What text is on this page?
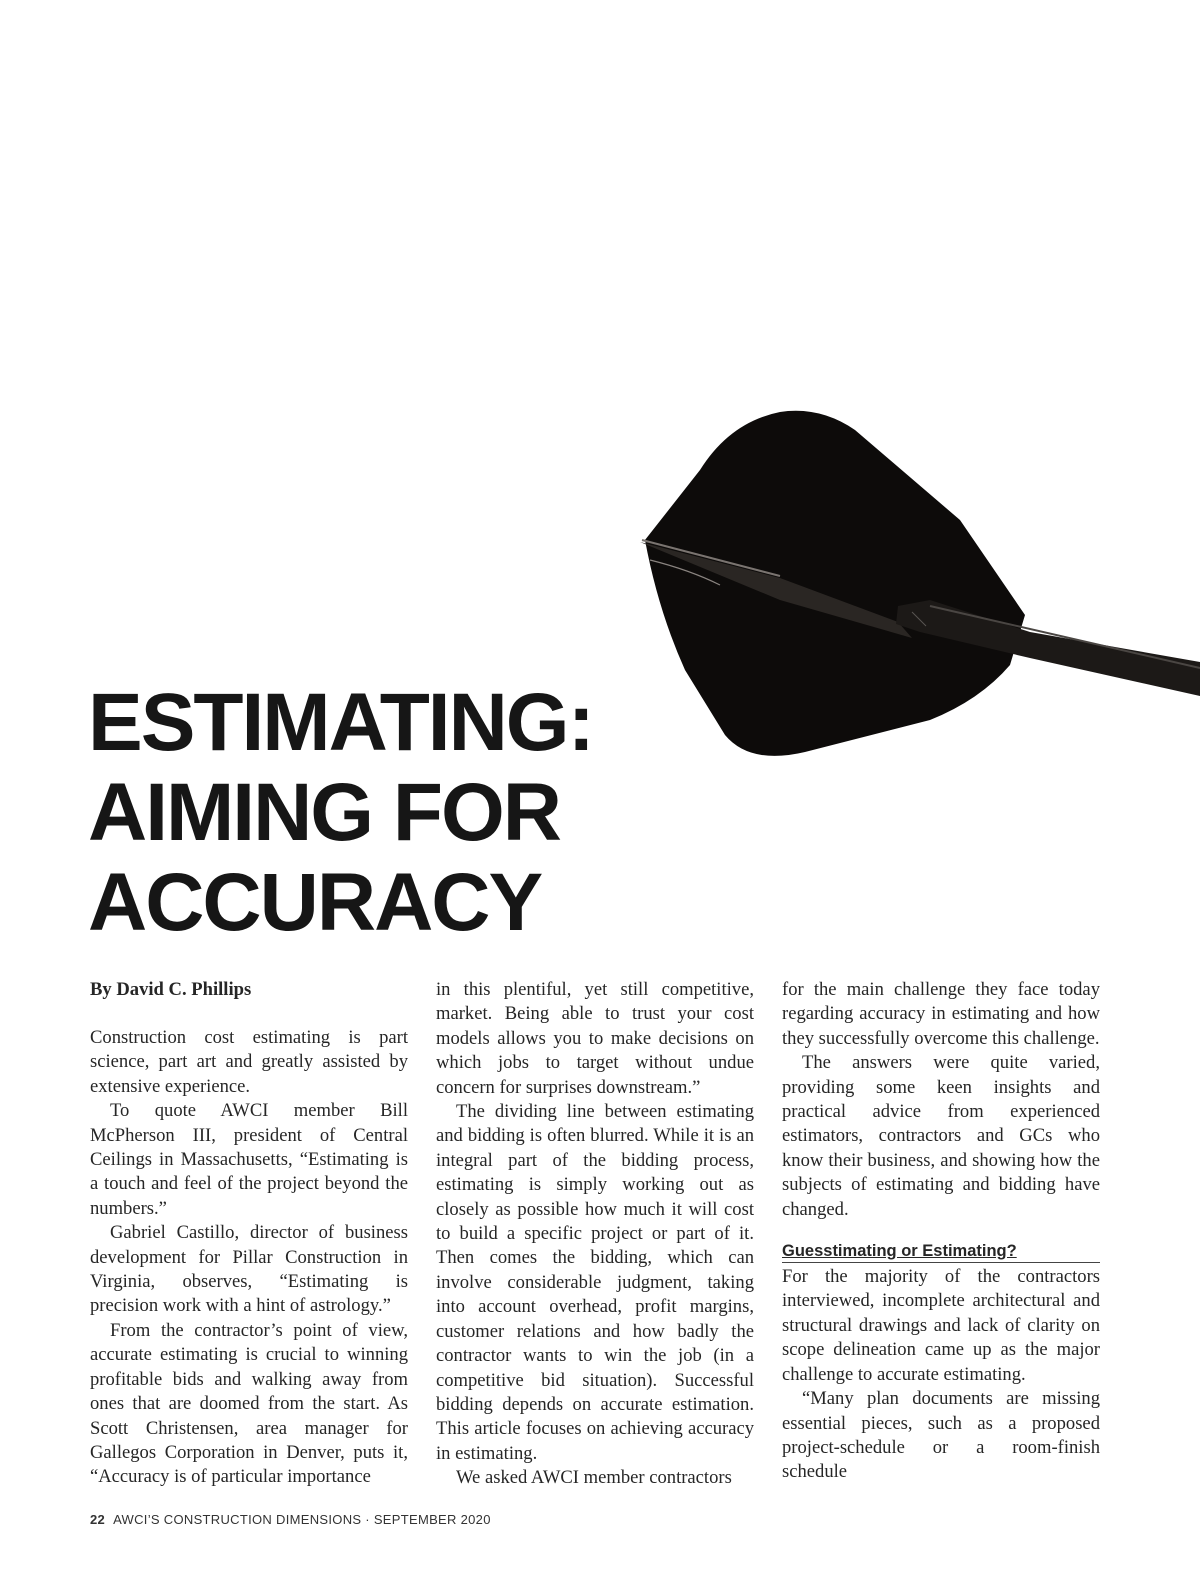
ESTIMATING:
AIMING FOR
ACCURACY
By David C. Phillips

Construction cost estimating is part science, part art and greatly assisted by extensive experience.

To quote AWCI member Bill McPherson III, president of Central Ceilings in Massachusetts, “Estimating is a touch and feel of the project beyond the numbers.”

Gabriel Castillo, director of business development for Pillar Construction in Virginia, observes, “Estimating is precision work with a hint of astrology.”

From the contractor’s point of view, accurate estimating is crucial to winning profitable bids and walking away from ones that are doomed from the start. As Scott Christensen, area manager for Gallegos Corporation in Denver, puts it, “Accuracy is of particular importance

in this plentiful, yet still competitive, market. Being able to trust your cost models allows you to make decisions on which jobs to target without undue concern for surprises downstream.”

The dividing line between estimating and bidding is often blurred. While it is an integral part of the bidding process, estimating is simply working out as closely as possible how much it will cost to build a specific project or part of it. Then comes the bidding, which can involve considerable judgment, taking into account overhead, profit margins, customer relations and how badly the contractor wants to win the job (in a competitive bid situation). Successful bidding depends on accurate estimation. This article focuses on achieving accuracy in estimating.

We asked AWCI member contractors

for the main challenge they face today regarding accuracy in estimating and how they successfully overcome this challenge.

The answers were quite varied, providing some keen insights and practical advice from experienced estimators, contractors and GCs who know their business, and showing how the subjects of estimating and bidding have changed.

Guesstimating or Estimating?

For the majority of the contractors interviewed, incomplete architectural and structural drawings and lack of clarity on scope delineation came up as the major challenge to accurate estimating.

“Many plan documents are missing essential pieces, such as a proposed project-schedule or a room-finish schedule

22 AWCI’S CONSTRUCTION DIMENSIONS · SEPTEMBER 2020
